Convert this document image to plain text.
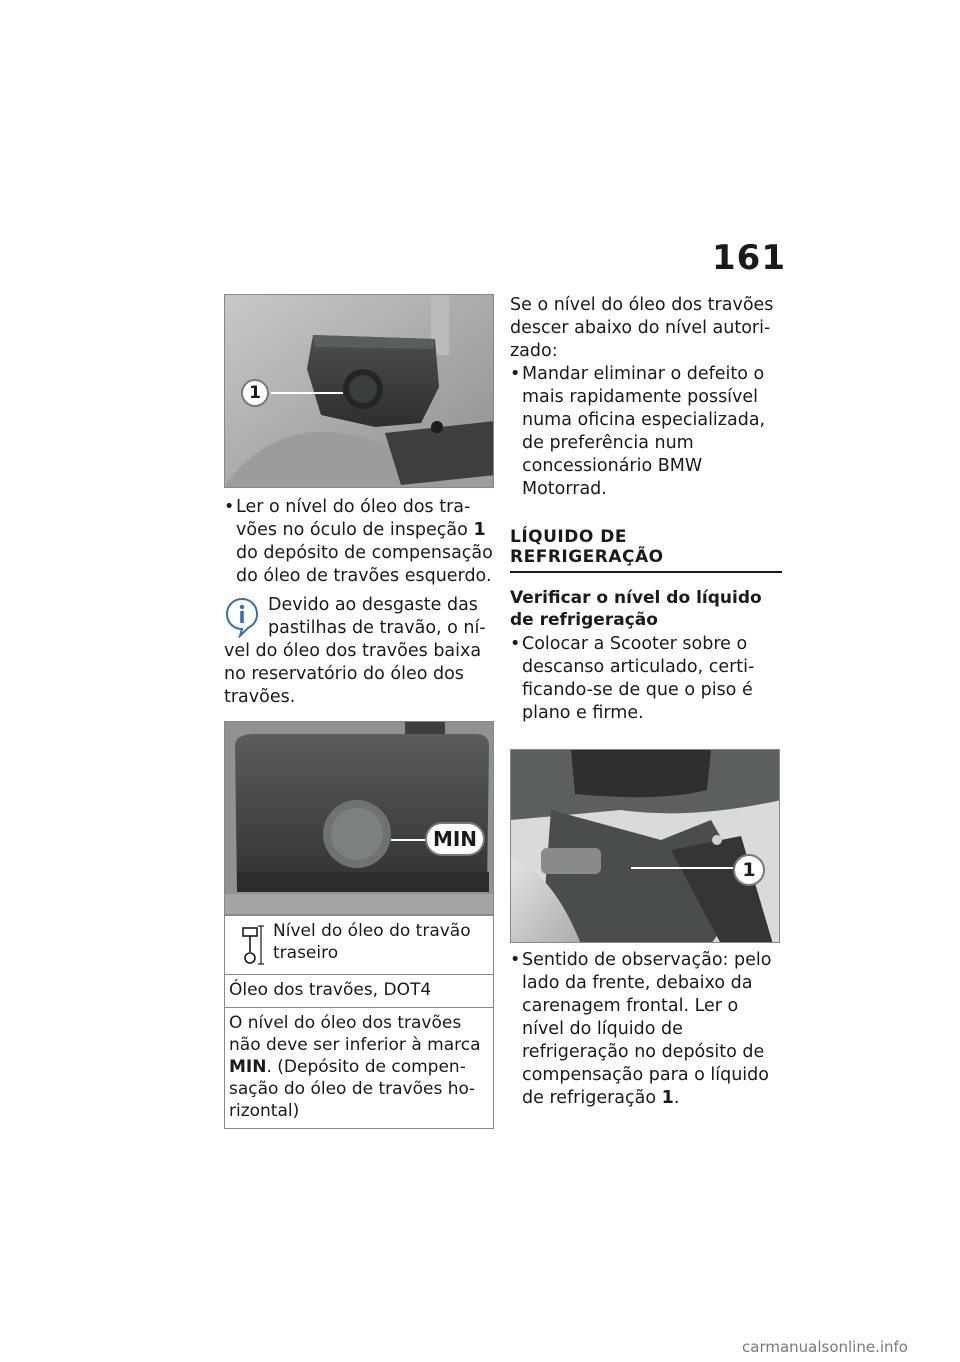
161
1
• Ler o nível do óleo dos travões no óculo de inspeção 1 do depósito de compensação do óleo de travões esquerdo.
Devido ao desgaste das pastilhas de travão, o nível do óleo dos travões baixa no reservatório do óleo dos travões.
MIN
Nível do óleo do travão traseiro
Óleo dos travões, DOT4
O nível do óleo dos travões não deve ser inferior à marca MIN. (Depósito de compensação do óleo de travões horizontal)
Se o nível do óleo dos travões descer abaixo do nível autorizado:
• Mandar eliminar o defeito o mais rapidamente possível numa oficina especializada, de preferência num concessionário BMW Motorrad.
LÍQUIDO DE REFRIGERAÇÃO
Verificar o nível do líquido de refrigeração
• Colocar a Scooter sobre o descanso articulado, certificando-se de que o piso é plano e firme.
1
• Sentido de observação: pelo lado da frente, debaixo da carenagem frontal. Ler o nível do líquido de refrigeração no depósito de compensação para o líquido de refrigeração 1.
carmanualsonline.info
